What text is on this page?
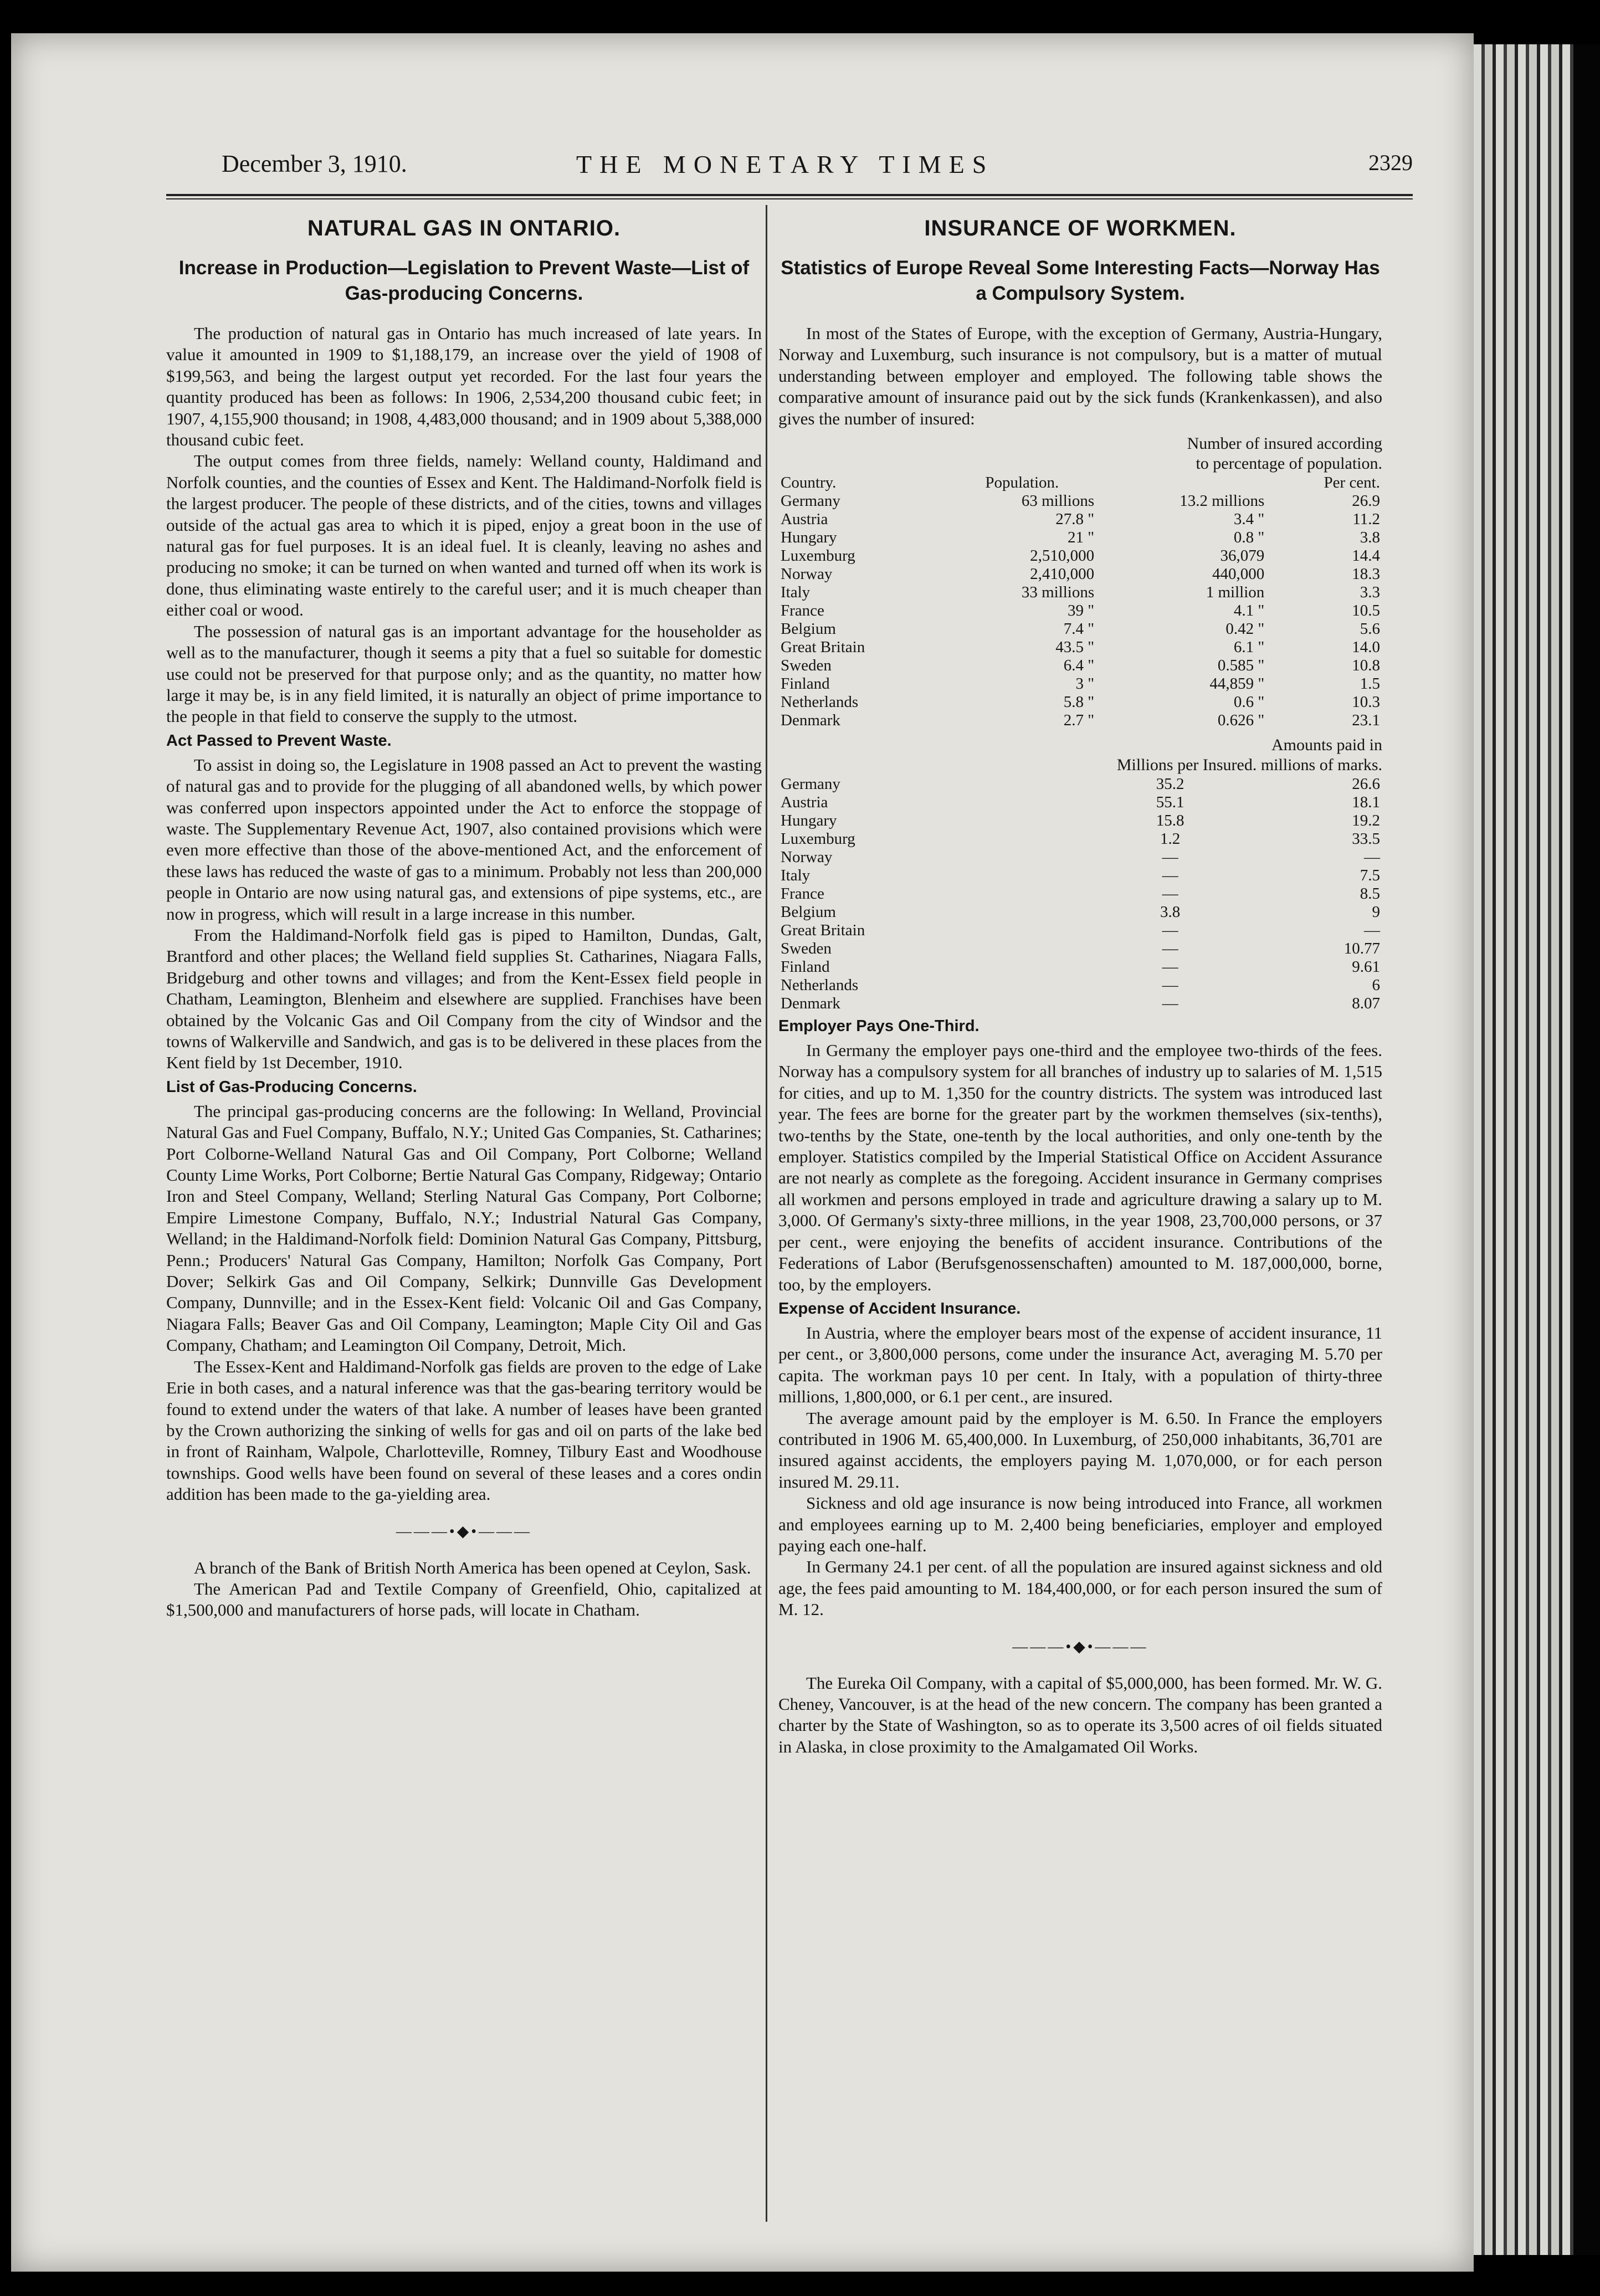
December 3, 1910.	THE MONETARY TIMES	2329
NATURAL GAS IN ONTARIO.
Increase in Production—Legislation to Prevent Waste—List of Gas-producing Concerns.

The production of natural gas in Ontario has much increased of late years. In value it amounted in 1909 to $1,188,179, an increase over the yield of 1908 of $199,563, and being the largest output yet recorded. For the last four years the quantity produced has been as follows: In 1906, 2,534,200 thousand cubic feet; in 1907, 4,155,900 thousand; in 1908, 4,483,000 thousand; and in 1909 about 5,388,000 thousand cubic feet.

The output comes from three fields, namely: Welland county, Haldimand and Norfolk counties, and the counties of Essex and Kent. The Haldimand-Norfolk field is the largest producer. The people of these districts, and of the cities, towns and villages outside of the actual gas area to which it is piped, enjoy a great boon in the use of natural gas for fuel purposes. It is an ideal fuel. It is cleanly, leaving no ashes and producing no smoke; it can be turned on when wanted and turned off when its work is done, thus eliminating waste entirely to the careful user; and it is much cheaper than either coal or wood.

The possession of natural gas is an important advantage for the householder as well as to the manufacturer, though it seems a pity that a fuel so suitable for domestic use could not be preserved for that purpose only; and as the quantity, no matter how large it may be, is in any field limited, it is naturally an object of prime importance to the people in that field to conserve the supply to the utmost.

Act Passed to Prevent Waste.

To assist in doing so, the Legislature in 1908 passed an Act to prevent the wasting of natural gas and to provide for the plugging of all abandoned wells, by which power was conferred upon inspectors appointed under the Act to enforce the stoppage of waste. The Supplementary Revenue Act, 1907, also contained provisions which were even more effective than those of the above-mentioned Act, and the enforcement of these laws has reduced the waste of gas to a minimum. Probably not less than 200,000 people in Ontario are now using natural gas, and extensions of pipe systems, etc., are now in progress, which will result in a large increase in this number.

From the Haldimand-Norfolk field gas is piped to Hamilton, Dundas, Galt, Brantford and other places; the Welland field supplies St. Catharines, Niagara Falls, Bridgeburg and other towns and villages; and from the Kent-Essex field people in Chatham, Leamington, Blenheim and elsewhere are supplied. Franchises have been obtained by the Volcanic Gas and Oil Company from the city of Windsor and the towns of Walkerville and Sandwich, and gas is to be delivered in these places from the Kent field by 1st December, 1910.

List of Gas-Producing Concerns.

The principal gas-producing concerns are the following: In Welland, Provincial Natural Gas and Fuel Company, Buffalo, N.Y.; United Gas Companies, St. Catharines; Port Colborne-Welland Natural Gas and Oil Company, Port Colborne; Welland County Lime Works, Port Colborne; Bertie Natural Gas Company, Ridgeway; Ontario Iron and Steel Company, Welland; Sterling Natural Gas Company, Port Colborne; Empire Limestone Company, Buffalo, N.Y.; Industrial Natural Gas Company, Welland; in the Haldimand-Norfolk field: Dominion Natural Gas Company, Pittsburg, Penn.; Producers' Natural Gas Company, Hamilton; Norfolk Gas Company, Port Dover; Selkirk Gas and Oil Company, Selkirk; Dunnville Gas Development Company, Dunnville; and in the Essex-Kent field: Volcanic Oil and Gas Company, Niagara Falls; Beaver Gas and Oil Company, Leamington; Maple City Oil and Gas Company, Chatham; and Leamington Oil Company, Detroit, Mich.

The Essex-Kent and Haldimand-Norfolk gas fields are proven to the edge of Lake Erie in both cases, and a natural inference was that the gas-bearing territory would be found to extend under the waters of that lake. A number of leases have been granted by the Crown authorizing the sinking of wells for gas and oil on parts of the lake bed in front of Rainham, Walpole, Charlotteville, Romney, Tilbury East and Woodhouse townships. Good wells have been found on several of these leases and a cores ondin addition has been made to the ga-yielding area.

———•◆•———

A branch of the Bank of British North America has been opened at Ceylon, Sask.

The American Pad and Textile Company of Greenfield, Ohio, capitalized at $1,500,000 and manufacturers of horse pads, will locate in Chatham.

INSURANCE OF WORKMEN.
Statistics of Europe Reveal Some Interesting Facts—Norway Has a Compulsory System.

In most of the States of Europe, with the exception of Germany, Austria-Hungary, Norway and Luxemburg, such insurance is not compulsory, but is a matter of mutual understanding between employer and employed. The following table shows the comparative amount of insurance paid out by the sick funds (Krankenkassen), and also gives the number of insured:

Number of insured according
to percentage of population.
Country.	Population.		Per cent.
Germany	63 millions	13.2 millions	26.9
Austria	27.8 "	3.4 "	11.2
Hungary	21 "	0.8 "	3.8
Luxemburg	2,510,000	36,079	14.4
Norway	2,410,000	440,000	18.3
Italy	33 millions	1 million	3.3
France	39 "	4.1 "	10.5
Belgium	7.4 "	0.42 "	5.6
Great Britain	43.5 "	6.1 "	14.0
Sweden	6.4 "	0.585 "	10.8
Finland	3 "	44,859 "	1.5
Netherlands	5.8 "	0.6 "	10.3
Denmark	2.7 "	0.626 "	23.1
Amounts paid in
Millions per Insured. millions of marks.
Germany	35.2	26.6
Austria	55.1	18.1
Hungary	15.8	19.2
Luxemburg	1.2	33.5
Norway	—	—
Italy	—	7.5
France	—	8.5
Belgium	3.8	9
Great Britain	—	—
Sweden	—	10.77
Finland	—	9.61
Netherlands	—	6
Denmark	—	8.07
Employer Pays One-Third.

In Germany the employer pays one-third and the employee two-thirds of the fees. Norway has a compulsory system for all branches of industry up to salaries of M. 1,515 for cities, and up to M. 1,350 for the country districts. The system was introduced last year. The fees are borne for the greater part by the workmen themselves (six-tenths), two-tenths by the State, one-tenth by the local authorities, and only one-tenth by the employer. Statistics compiled by the Imperial Statistical Office on Accident Assurance are not nearly as complete as the foregoing. Accident insurance in Germany comprises all workmen and persons employed in trade and agriculture drawing a salary up to M. 3,000. Of Germany's sixty-three millions, in the year 1908, 23,700,000 persons, or 37 per cent., were enjoying the benefits of accident insurance. Contributions of the Federations of Labor (Berufsgenossenschaften) amounted to M. 187,000,000, borne, too, by the employers.

Expense of Accident Insurance.

In Austria, where the employer bears most of the expense of accident insurance, 11 per cent., or 3,800,000 persons, come under the insurance Act, averaging M. 5.70 per capita. The workman pays 10 per cent. In Italy, with a population of thirty-three millions, 1,800,000, or 6.1 per cent., are insured.

The average amount paid by the employer is M. 6.50. In France the employers contributed in 1906 M. 65,400,000. In Luxemburg, of 250,000 inhabitants, 36,701 are insured against accidents, the employers paying M. 1,070,000, or for each person insured M. 29.11.

Sickness and old age insurance is now being introduced into France, all workmen and employees earning up to M. 2,400 being beneficiaries, employer and employed paying each one-half.

In Germany 24.1 per cent. of all the population are insured against sickness and old age, the fees paid amounting to M. 184,400,000, or for each person insured the sum of M. 12.

———•◆•———

The Eureka Oil Company, with a capital of $5,000,000, has been formed. Mr. W. G. Cheney, Vancouver, is at the head of the new concern. The company has been granted a charter by the State of Washington, so as to operate its 3,500 acres of oil fields situated in Alaska, in close proximity to the Amalgamated Oil Works.
